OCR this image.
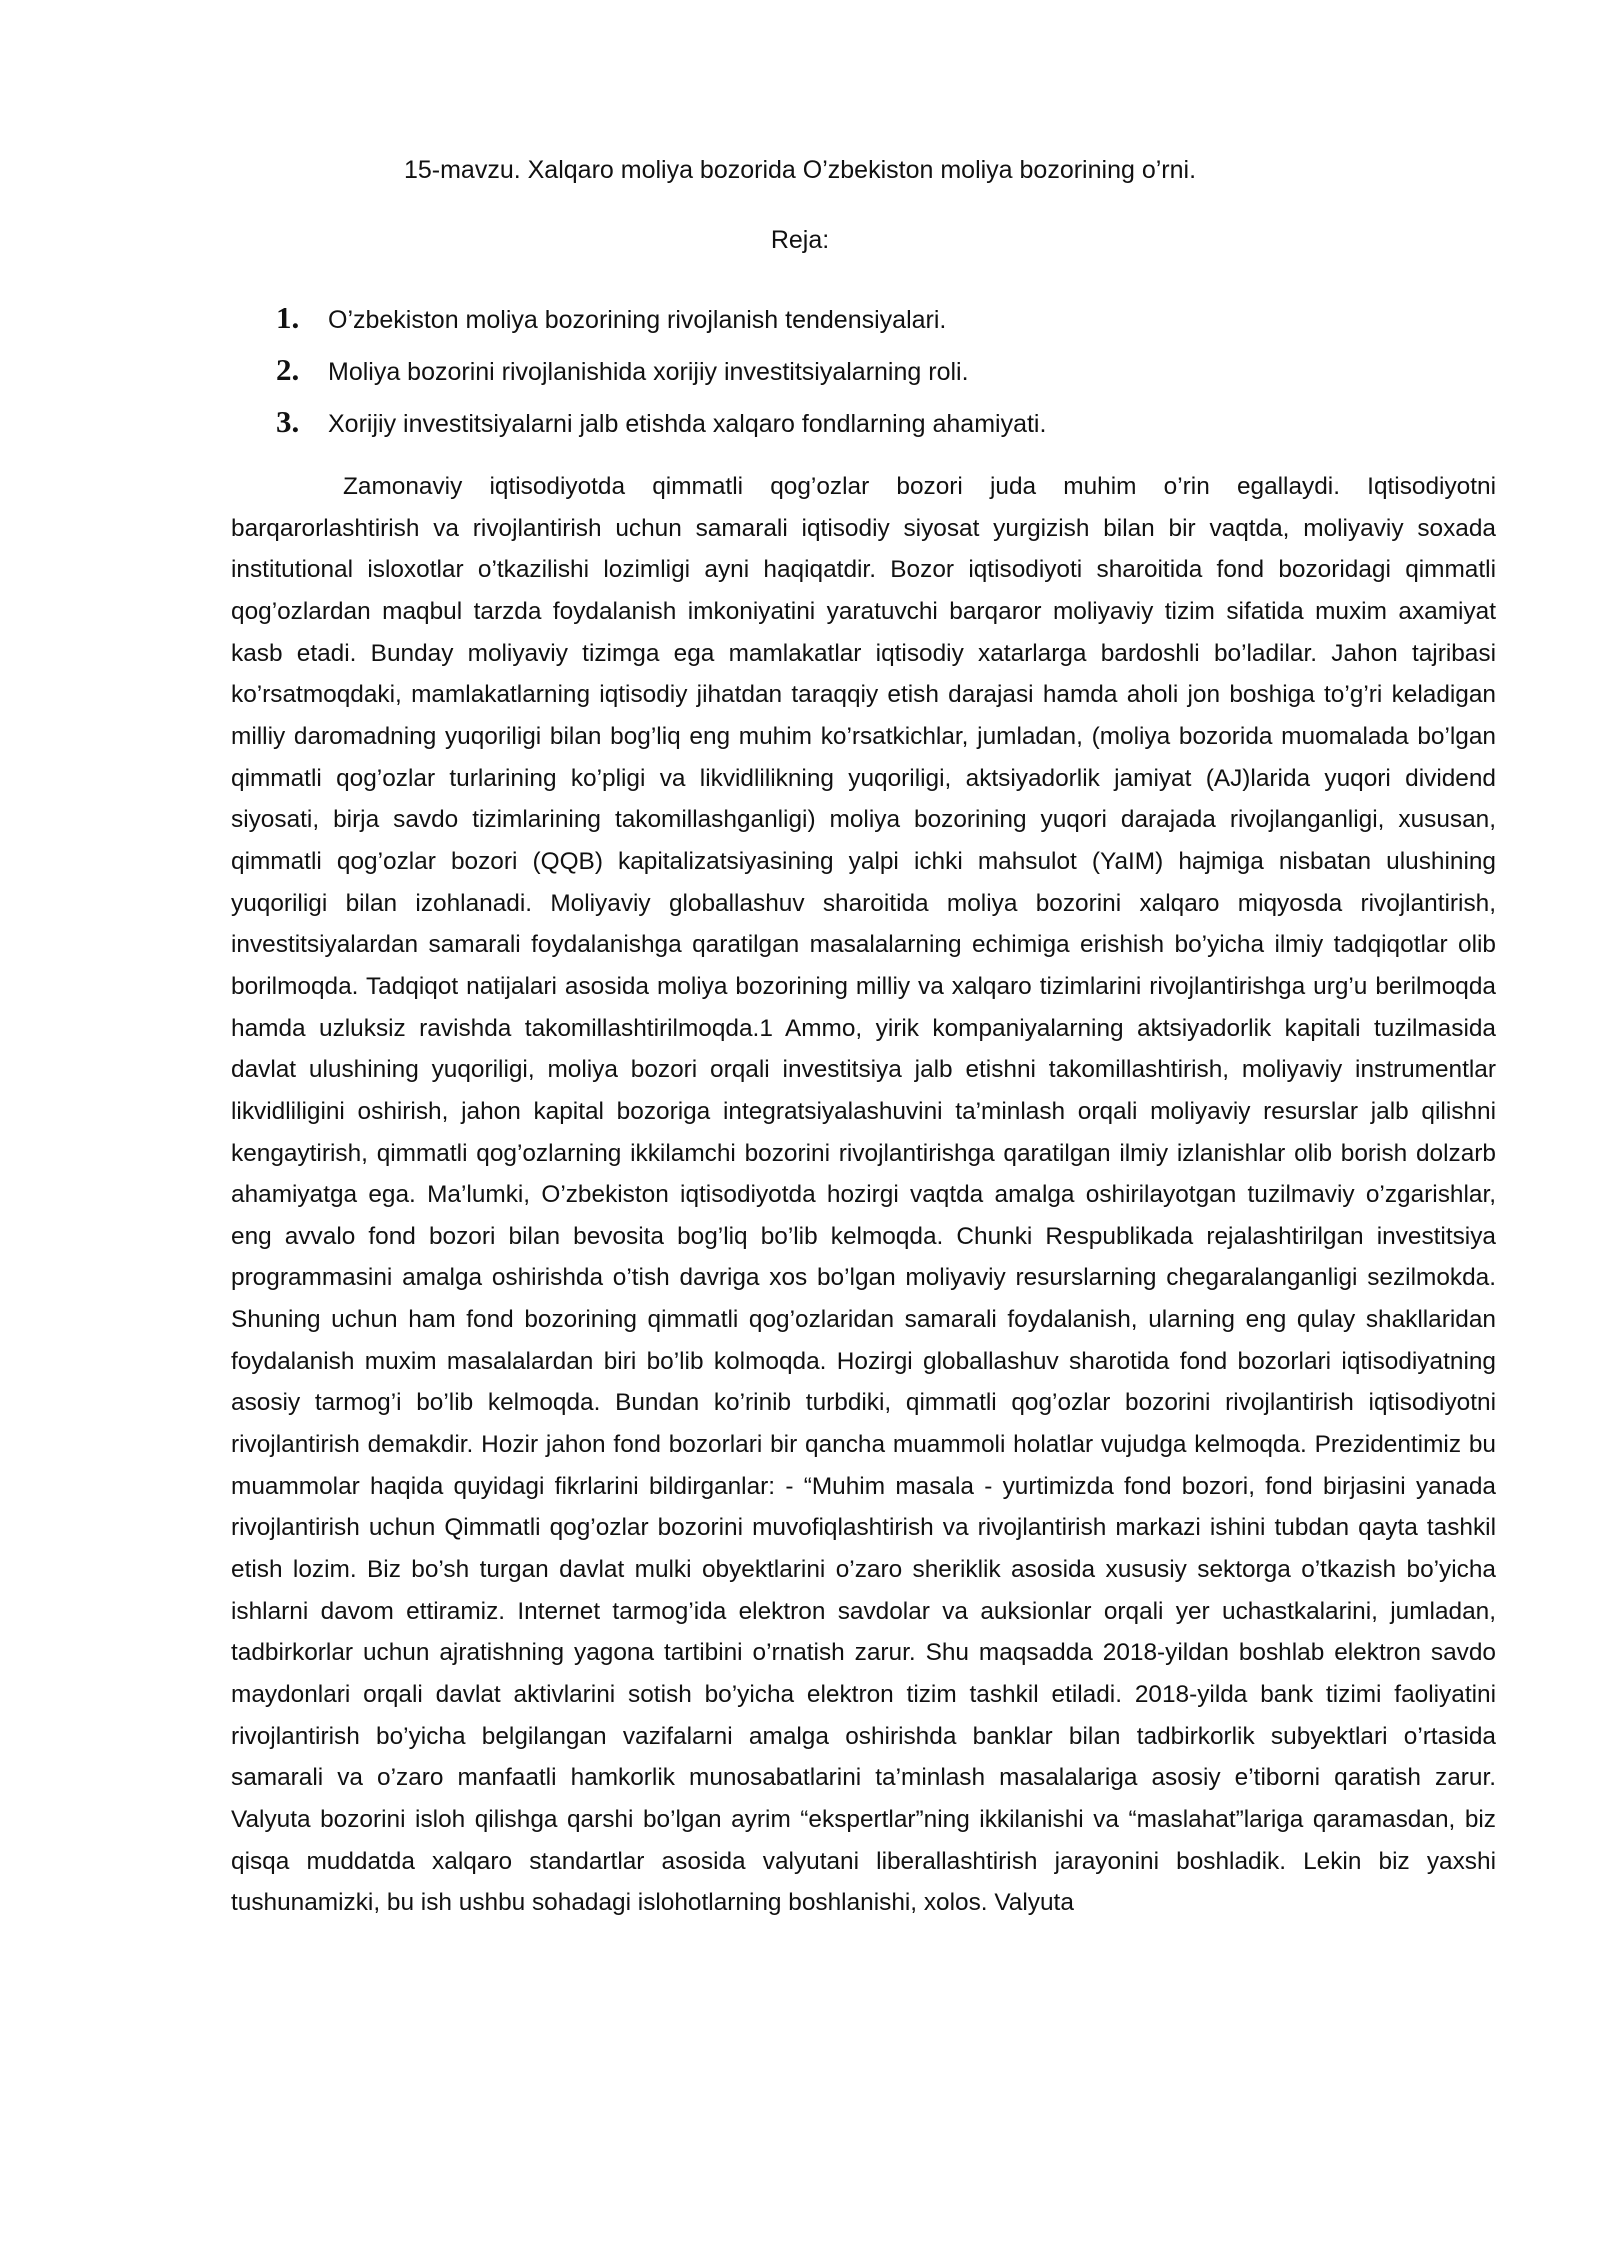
15-mavzu. Xalqaro moliya bozorida O’zbekiston moliya bozorining o’rni.
Reja:
1.	O’zbekiston moliya bozorining rivojlanish tendensiyalari.
2.	Moliya bozorini rivojlanishida xorijiy investitsiyalarning roli.
3.	Xorijiy investitsiyalarni jalb etishda xalqaro fondlarning ahamiyati.

Zamonaviy iqtisodiyotda qimmatli qog’ozlar bozori juda muhim o’rin egallaydi. Iqtisodiyotni barqarorlashtirish va rivojlantirish uchun samarali iqtisodiy siyosat yurgizish bilan bir vaqtda, moliyaviy soxada institutional isloxotlar o’tkazilishi lozimligi ayni haqiqatdir. Bozor iqtisodiyoti sharoitida fond bozoridagi qimmatli qog’ozlardan maqbul tarzda foydalanish imkoniyatini yaratuvchi barqaror moliyaviy tizim sifatida muxim axamiyat kasb etadi. Bunday moliyaviy tizimga ega mamlakatlar iqtisodiy xatarlarga bardoshli bo’ladilar. Jahon tajribasi ko’rsatmoqdaki, mamlakatlarning iqtisodiy jihatdan taraqqiy etish darajasi hamda aholi jon boshiga to’g’ri keladigan milliy daromadning yuqoriligi bilan bog’liq eng muhim ko’rsatkichlar, jumladan, (moliya bozorida muomalada bo’lgan qimmatli qog’ozlar turlarining ko’pligi va likvidlilikning yuqoriligi, aktsiyadorlik jamiyat (AJ)larida yuqori dividend siyosati, birja savdo tizimlarining takomillashganligi) moliya bozorining yuqori darajada rivojlanganligi, xususan, qimmatli qog’ozlar bozori (QQB) kapitalizatsiyasining yalpi ichki mahsulot (YaIM) hajmiga nisbatan ulushining yuqoriligi bilan izohlanadi. Moliyaviy globallashuv sharoitida moliya bozorini xalqaro miqyosda rivojlantirish, investitsiyalardan samarali foydalanishga qaratilgan masalalarning echimiga erishish bo’yicha ilmiy tadqiqotlar olib borilmoqda. Tadqiqot natijalari asosida moliya bozorining milliy va xalqaro tizimlarini rivojlantirishga urg’u berilmoqda hamda uzluksiz ravishda takomillashtirilmoqda.1 Ammo, yirik kompaniyalarning aktsiyadorlik kapitali tuzilmasida davlat ulushining yuqoriligi, moliya bozori orqali investitsiya jalb etishni takomillashtirish, moliyaviy instrumentlar likvidliligini oshirish, jahon kapital bozoriga integratsiyalashuvini ta’minlash orqali moliyaviy resurslar jalb qilishni kengaytirish, qimmatli qog’ozlarning ikkilamchi bozorini rivojlantirishga qaratilgan ilmiy izlanishlar olib borish dolzarb ahamiyatga ega. Ma’lumki, O’zbekiston iqtisodiyotda hozirgi vaqtda amalga oshirilayotgan tuzilmaviy o’zgarishlar, eng avvalo fond bozori bilan bevosita bog’liq bo’lib kelmoqda. Chunki Respublikada rejalashtirilgan investitsiya programmasini amalga oshirishda o’tish davriga xos bo’lgan moliyaviy resurslarning chegaralanganligi sezilmokda. Shuning uchun ham fond bozorining qimmatli qog’ozlaridan samarali foydalanish, ularning eng qulay shakllaridan foydalanish muxim masalalardan biri bo’lib kolmoqda. Hozirgi globallashuv sharotida fond bozorlari iqtisodiyatning asosiy tarmog’i bo’lib kelmoqda. Bundan ko’rinib turbdiki, qimmatli qog’ozlar bozorini rivojlantirish iqtisodiyotni rivojlantirish demakdir. Hozir jahon fond bozorlari bir qancha muammoli holatlar vujudga kelmoqda. Prezidentimiz bu muammolar haqida quyidagi fikrlarini bildirganlar: - “Muhim masala - yurtimizda fond bozori, fond birjasini yanada rivojlantirish uchun Qimmatli qog’ozlar bozorini muvofiqlashtirish va rivojlantirish markazi ishini tubdan qayta tashkil etish lozim. Biz bo’sh turgan davlat mulki obyektlarini o’zaro sheriklik asosida xususiy sektorga o’tkazish bo’yicha ishlarni davom ettiramiz. Internet tarmog’ida elektron savdolar va auksionlar orqali yer uchastkalarini, jumladan, tadbirkorlar uchun ajratishning yagona tartibini o’rnatish zarur. Shu maqsadda 2018-yildan boshlab elektron savdo maydonlari orqali davlat aktivlarini sotish bo’yicha elektron tizim tashkil etiladi. 2018-yilda bank tizimi faoliyatini rivojlantirish bo’yicha belgilangan vazifalarni amalga oshirishda banklar bilan tadbirkorlik subyektlari o’rtasida samarali va o’zaro manfaatli hamkorlik munosabatlarini ta’minlash masalalariga asosiy e’tiborni qaratish zarur. Valyuta bozorini isloh qilishga qarshi bo’lgan ayrim “ekspertlar”ning ikkilanishi va “maslahat”lariga qaramasdan, biz qisqa muddatda xalqaro standartlar asosida valyutani liberallashtirish jarayonini boshladik. Lekin biz yaxshi tushunamizki, bu ish ushbu sohadagi islohotlarning boshlanishi, xolos. Valyuta
